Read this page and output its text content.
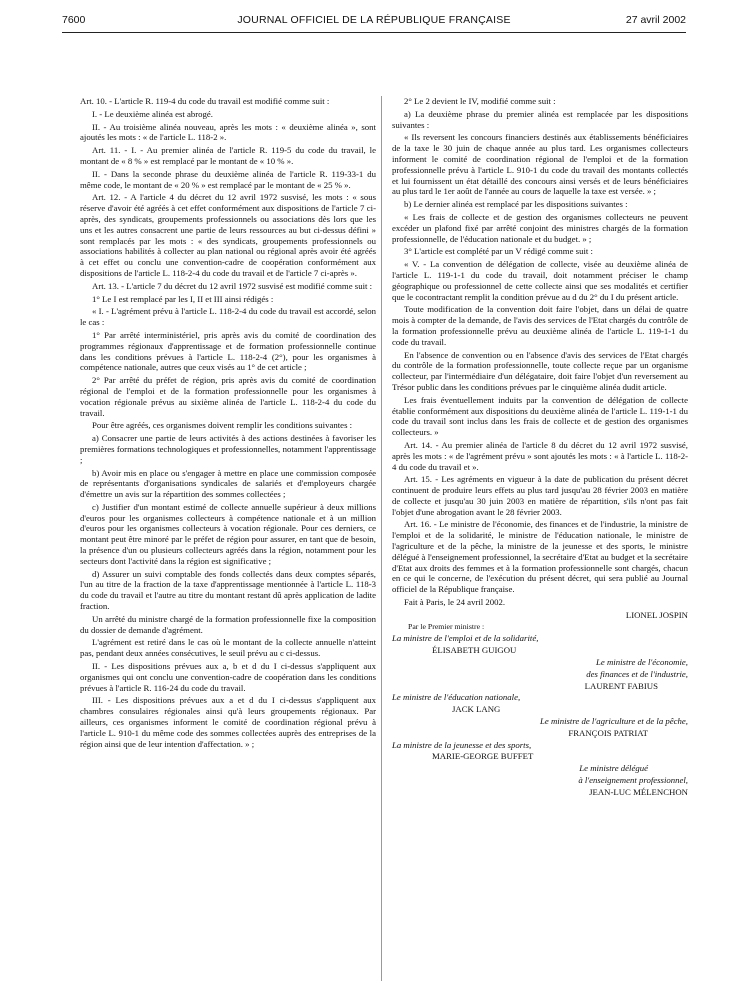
7600	JOURNAL OFFICIEL DE LA RÉPUBLIQUE FRANÇAISE	27 avril 2002

Art. 10. - L'article R. 119-4 du code du travail est modifié comme suit :

I. - Le deuxième alinéa est abrogé.

II. - Au troisième alinéa nouveau, après les mots : « deuxième alinéa », sont ajoutés les mots : « de l'article L. 118-2 ».

Art. 11. - I. - Au premier alinéa de l'article R. 119-5 du code du travail, le montant de « 8 % » est remplacé par le montant de « 10 % ».

II. - Dans la seconde phrase du deuxième alinéa de l'article R. 119-33-1 du même code, le montant de « 20 % » est remplacé par le montant de « 25 % ».

Art. 12. - A l'article 4 du décret du 12 avril 1972 susvisé, les mots : « sous réserve d'avoir été agréés à cet effet conformément aux dispositions de l'article 7 ci-après, des syndicats, groupements professionnels ou associations dès lors que les uns et les autres consacrent une partie de leurs ressources au but ci-dessus défini » sont remplacés par les mots : « des syndicats, groupements professionnels ou associations habilités à collecter au plan national ou régional après avoir été agréés à cet effet ou conclu une convention-cadre de coopération conformément aux dispositions de l'article L. 118-2-4 du code du travail et de l'article 7 ci-après ».

Art. 13. - L'article 7 du décret du 12 avril 1972 susvisé est modifié comme suit :

1° Le I est remplacé par les I, II et III ainsi rédigés :

« I. - L'agrément prévu à l'article L. 118-2-4 du code du travail est accordé, selon le cas :

1° Par arrêté interministériel, pris après avis du comité de coordination des programmes régionaux d'apprentissage et de formation professionnelle continue dans les conditions prévues à l'article L. 118-2-4 (2°), pour les organismes à compétence nationale, autres que ceux visés au 1° de cet article ;

2° Par arrêté du préfet de région, pris après avis du comité de coordination régional de l'emploi et de la formation professionnelle pour les organismes à vocation régionale prévus au sixième alinéa de l'article L. 118-2-4 du code du travail.

Pour être agréés, ces organismes doivent remplir les conditions suivantes :

a) Consacrer une partie de leurs activités à des actions destinées à favoriser les premières formations technologiques et professionnelles, notamment l'apprentissage ;

b) Avoir mis en place ou s'engager à mettre en place une commission composée de représentants d'organisations syndicales de salariés et d'employeurs chargée d'émettre un avis sur la répartition des sommes collectées ;

c) Justifier d'un montant estimé de collecte annuelle supérieur à deux millions d'euros pour les organismes collecteurs à compétence nationale et à un million d'euros pour les organismes collecteurs à vocation régionale. Pour ces derniers, ce montant peut être minoré par le préfet de région pour assurer, en tant que de besoin, la présence d'un ou plusieurs collecteurs agréés dans la région, notamment pour les secteurs dont l'activité dans la région est significative ;

d) Assurer un suivi comptable des fonds collectés dans deux comptes séparés, l'un au titre de la fraction de la taxe d'apprentissage mentionnée à l'article L. 118-3 du code du travail et l'autre au titre du montant restant dû après application de ladite fraction.

Un arrêté du ministre chargé de la formation professionnelle fixe la composition du dossier de demande d'agrément.

L'agrément est retiré dans le cas où le montant de la collecte annuelle n'atteint pas, pendant deux années consécutives, le seuil prévu au c ci-dessus.

II. - Les dispositions prévues aux a, b et d du I ci-dessus s'appliquent aux organismes qui ont conclu une convention-cadre de coopération dans les conditions prévues à l'article R. 116-24 du code du travail.

III. - Les dispositions prévues aux a et d du I ci-dessus s'appliquent aux chambres consulaires régionales ainsi qu'à leurs groupements régionaux. Par ailleurs, ces organismes informent le comité de coordination régional prévu à l'article L. 910-1 du même code des sommes collectées auprès des entreprises de la région ainsi que de leur intention d'affectation. » ;

2° Le 2 devient le IV, modifié comme suit :

a) La deuxième phrase du premier alinéa est remplacée par les dispositions suivantes :

« Ils reversent les concours financiers destinés aux établissements bénéficiaires de la taxe le 30 juin de chaque année au plus tard. Les organismes collecteurs informent le comité de coordination régional de l'emploi et de la formation professionnelle prévu à l'article L. 910-1 du code du travail des montants collectés et lui fournissent un état détaillé des concours ainsi versés et de leurs bénéficiaires au plus tard le 1er août de l'année au cours de laquelle la taxe est versée. » ;

b) Le dernier alinéa est remplacé par les dispositions suivantes :

« Les frais de collecte et de gestion des organismes collecteurs ne peuvent excéder un plafond fixé par arrêté conjoint des ministres chargés de la formation professionnelle, de l'éducation nationale et du budget. » ;

3° L'article est complété par un V rédigé comme suit :

« V. - La convention de délégation de collecte, visée au deuxième alinéa de l'article L. 119-1-1 du code du travail, doit notamment préciser le champ géographique ou professionnel de cette collecte ainsi que ses modalités et certifier que le cocontractant remplit la condition prévue au d du 2° du I du présent article.

Toute modification de la convention doit faire l'objet, dans un délai de quatre mois à compter de la demande, de l'avis des services de l'Etat chargés du contrôle de la formation professionnelle prévu au deuxième alinéa de l'article L. 119-1-1 du code du travail.

En l'absence de convention ou en l'absence d'avis des services de l'Etat chargés du contrôle de la formation professionnelle, toute collecte reçue par un organisme collecteur, par l'intermédiaire d'un délégataire, doit faire l'objet d'un reversement au Trésor public dans les conditions prévues par le cinquième alinéa dudit article.

Les frais éventuellement induits par la convention de délégation de collecte établie conformément aux dispositions du deuxième alinéa de l'article L. 119-1-1 du code du travail sont inclus dans les frais de collecte et de gestion des organismes collecteurs. »

Art. 14. - Au premier alinéa de l'article 8 du décret du 12 avril 1972 susvisé, après les mots : « de l'agrément prévu » sont ajoutés les mots : « à l'article L. 118-2-4 du code du travail et ».

Art. 15. - Les agréments en vigueur à la date de publication du présent décret continuent de produire leurs effets au plus tard jusqu'au 28 février 2003 en matière de collecte et jusqu'au 30 juin 2003 en matière de répartition, s'ils n'ont pas fait l'objet d'une abrogation avant le 28 février 2003.

Art. 16. - Le ministre de l'économie, des finances et de l'industrie, la ministre de l'emploi et de la solidarité, le ministre de l'éducation nationale, le ministre de l'agriculture et de la pêche, la ministre de la jeunesse et des sports, le ministre délégué à l'enseignement professionnel, la secrétaire d'Etat au budget et la secrétaire d'Etat aux droits des femmes et à la formation professionnelle sont chargés, chacun en ce qui le concerne, de l'exécution du présent décret, qui sera publié au Journal officiel de la République française.

Fait à Paris, le 24 avril 2002.

LIONEL JOSPIN

Par le Premier ministre :

La ministre de l'emploi et de la solidarité,

ÉLISABETH GUIGOU

Le ministre de l'économie,

des finances et de l'industrie,

LAURENT FABIUS

Le ministre de l'éducation nationale,

JACK LANG

Le ministre de l'agriculture et de la pêche,

FRANÇOIS PATRIAT

La ministre de la jeunesse et des sports,

MARIE-GEORGE BUFFET

Le ministre délégué

à l'enseignement professionnel,

JEAN-LUC MÉLENCHON
